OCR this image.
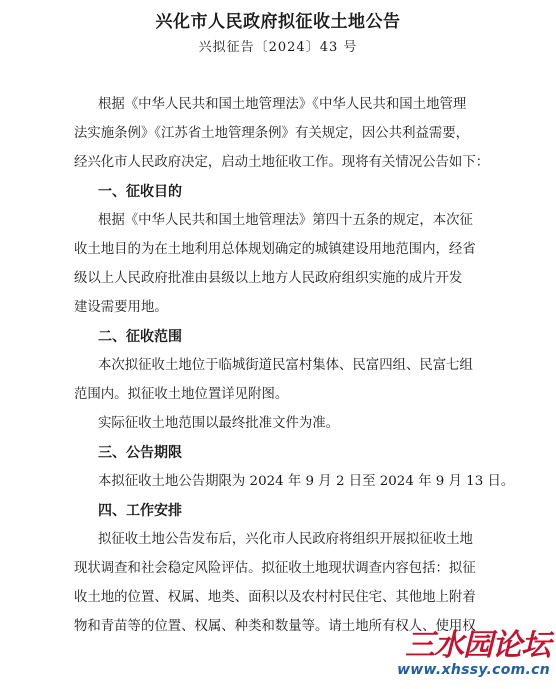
兴化市人民政府拟征收土地公告
兴拟征告〔2024〕43 号
根据《中华人民共和国土地管理法》《中华人民共和国土地管理
法实施条例》《江苏省土地管理条例》有关规定，因公共利益需要，
经兴化市人民政府决定，启动土地征收工作。现将有关情况公告如下：
一、征收目的
根据《中华人民共和国土地管理法》第四十五条的规定，本次征
收土地目的为在土地利用总体规划确定的城镇建设用地范围内，经省
级以上人民政府批准由县级以上地方人民政府组织实施的成片开发
建设需要用地。
二、征收范围
本次拟征收土地位于临城街道民富村集体、民富四组、民富七组
范围内。拟征收土地位置详见附图。
实际征收土地范围以最终批准文件为准。
三、公告期限
本拟征收土地公告期限为 2024 年 9 月 2 日至 2024 年 9 月 13 日。
四、工作安排
拟征收土地公告发布后，兴化市人民政府将组织开展拟征收土地
现状调查和社会稳定风险评估。拟征收土地现状调查内容包括：拟征
收土地的位置、权属、地类、面积以及农村村民住宅、其他地上附着
物和青苗等的位置、权属、种类和数量等。请土地所有权人、使用权
三水园论坛
www.xhssy.com.cn
